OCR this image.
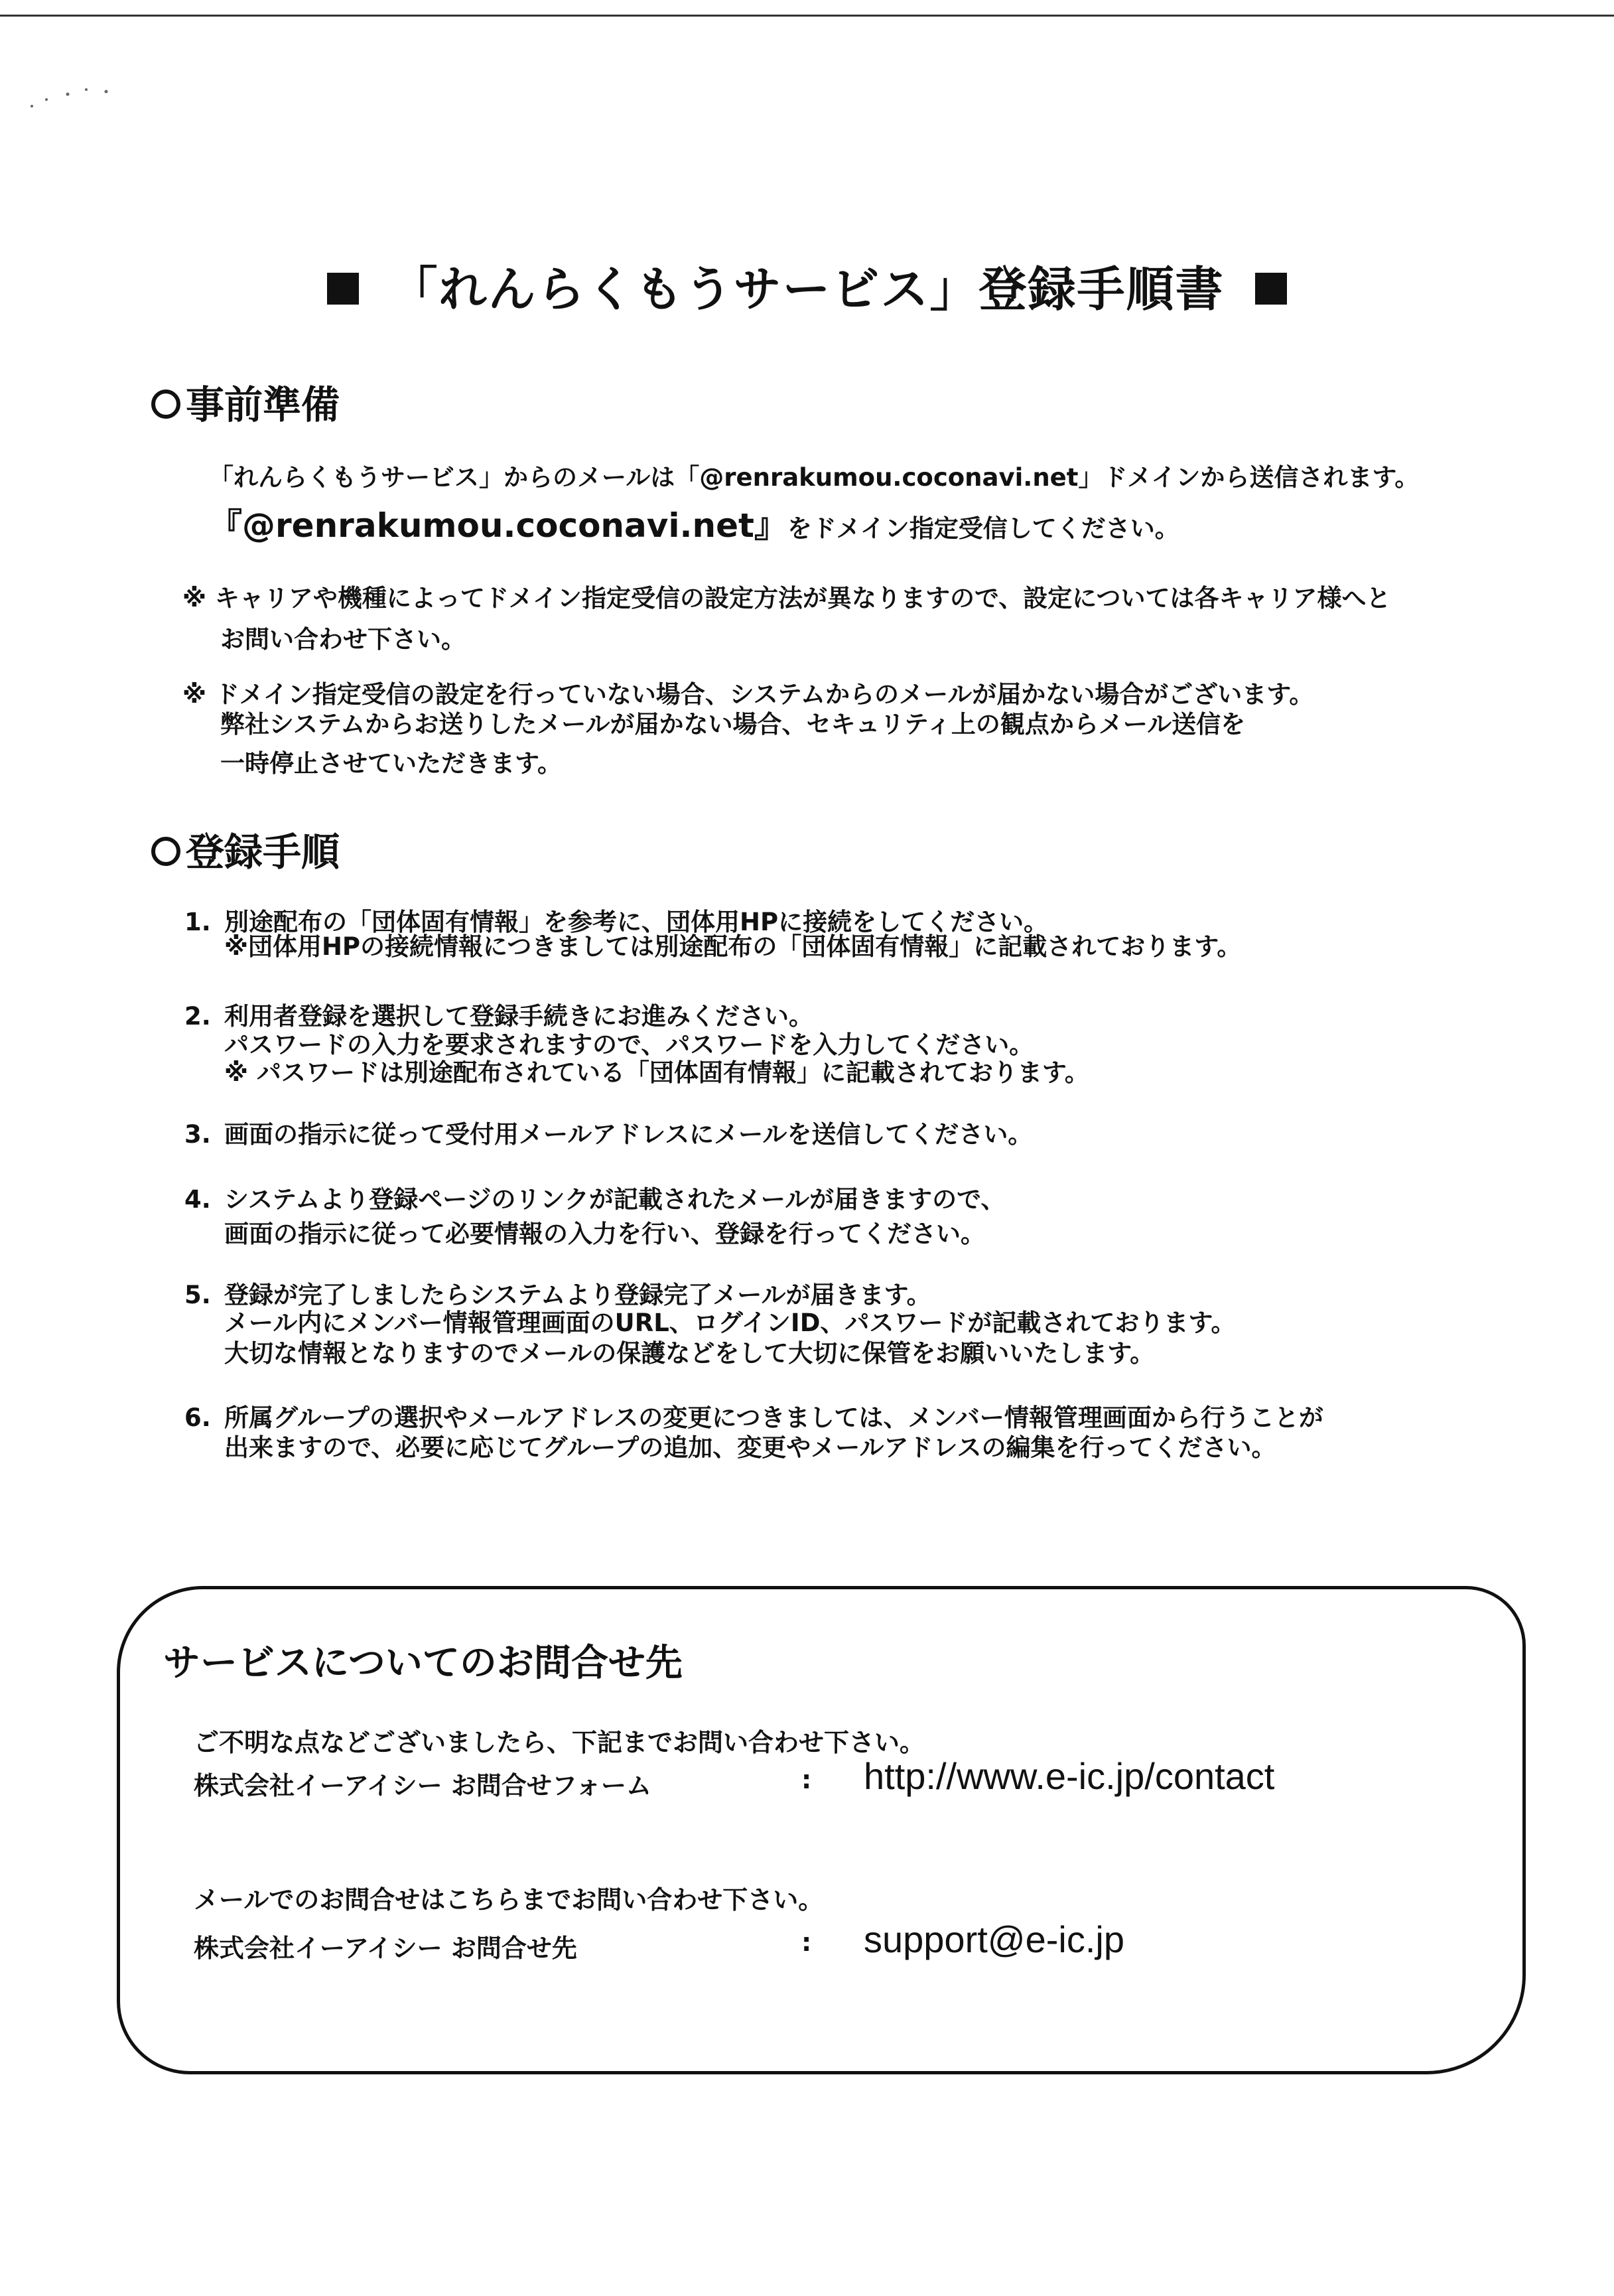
「れんらくもうサービス」登録手順書
事前準備
「れんらくもうサービス」からのメールは「@renrakumou.coconavi.net」ドメインから送信されます。
『@renrakumou.coconavi.net』をドメイン指定受信してください。
※ キャリアや機種によってドメイン指定受信の設定方法が異なりますので、設定については各キャリア様へと
お問い合わせ下さい。
※ ドメイン指定受信の設定を行っていない場合、システムからのメールが届かない場合がございます。
弊社システムからお送りしたメールが届かない場合、セキュリティ上の観点からメール送信を
一時停止させていただきます。
登録手順
1. 別途配布の「団体固有情報」を参考に、団体用HPに接続をしてください。
※団体用HPの接続情報につきましては別途配布の「団体固有情報」に記載されております。
2. 利用者登録を選択して登録手続きにお進みください。
パスワードの入力を要求されますので、パスワードを入力してください。
※ パスワードは別途配布されている「団体固有情報」に記載されております。
3. 画面の指示に従って受付用メールアドレスにメールを送信してください。
4. システムより登録ページのリンクが記載されたメールが届きますので、
画面の指示に従って必要情報の入力を行い、登録を行ってください。
5. 登録が完了しましたらシステムより登録完了メールが届きます。
メール内にメンバー情報管理画面のURL、ログインID、パスワードが記載されております。
大切な情報となりますのでメールの保護などをして大切に保管をお願いいたします。
6. 所属グループの選択やメールアドレスの変更につきましては、メンバー情報管理画面から行うことが
出来ますので、必要に応じてグループの追加、変更やメールアドレスの編集を行ってください。
サービスについてのお問合せ先
ご不明な点などございましたら、下記までお問い合わせ下さい。
株式会社イーアイシー お問合せフォーム	: http://www.e-ic.jp/contact
メールでのお問合せはこちらまでお問い合わせ下さい。
株式会社イーアイシー お問合せ先	: support@e-ic.jp
